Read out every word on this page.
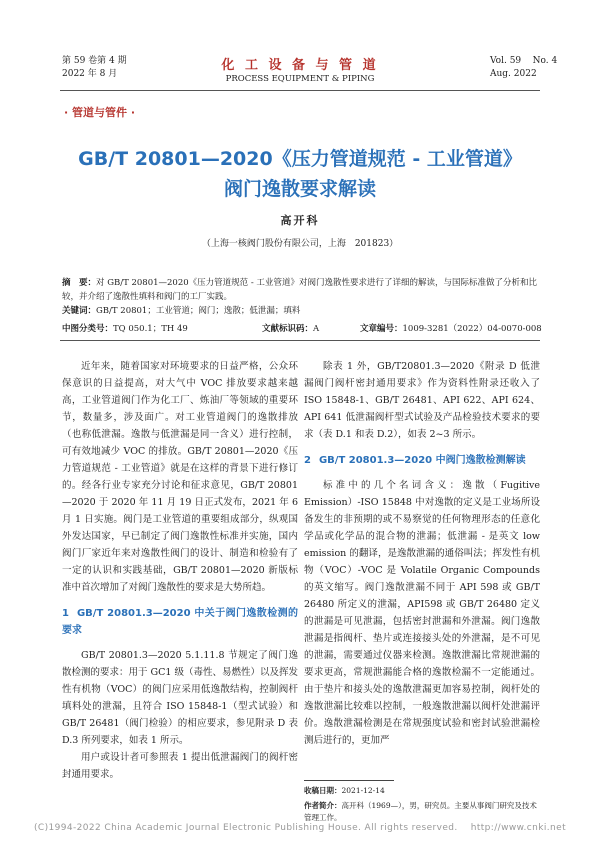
第 59 卷第 4 期
2022 年 8 月
化 工 设 备 与 管 道
PROCESS EQUIPMENT & PIPING
Vol. 59    No. 4
Aug. 2022
· 管道与管件 ·
GB/T 20801—2020《压力管道规范 - 工业管道》
阀门逸散要求解读
高开科
（上海一核阀门股份有限公司，上海　201823）
摘　要：对 GB/T 20801—2020《压力管道规范 - 工业管道》对阀门逸散性要求进行了详细的解读，与国际标准做了分析和比较，并介绍了逸散性填料和阀门的工厂实践。
关键词：GB/T 20801；工业管道；阀门；逸散；低泄漏；填料
中图分类号：TQ 050.1；TH 49	文献标识码：A	文章编号：1009-3281（2022）04-0070-008

近年来，随着国家对环境要求的日益严格，公众环保意识的日益提高，对大气中 VOC 排放要求越来越高，工业管道阀门作为化工厂、炼油厂等领域的重要环节，数量多，涉及面广。对工业管道阀门的逸散排放（也称低泄漏。逸散与低泄漏是同一含义）进行控制，可有效地减少 VOC 的排放。GB/T 20801—2020《压力管道规范 - 工业管道》就是在这样的背景下进行修订的。经各行业专家充分讨论和征求意见，GB/T 20801—2020 于 2020 年 11 月 19 日正式发布，2021 年 6 月 1 日实施。阀门是工业管道的重要组成部分，纵观国外发达国家，早已制定了阀门逸散性标准并实施，国内阀门厂家近年来对逸散性阀门的设计、制造和检验有了一定的认识和实践基础，GB/T 20801—2020 新版标准中首次增加了对阀门逸散性的要求是大势所趋。

1 GB/T 20801.3—2020 中关于阀门逸散检测的要求

GB/T 20801.3—2020 5.1.11.8 节规定了阀门逸散检测的要求：用于 GC1 级（毒性、易燃性）以及挥发性有机物（VOC）的阀门应采用低逸散结构，控制阀杆填料处的泄漏，且符合 ISO 15848-1（型式试验）和 GB/T 26481（阀门检验）的相应要求，参见附录 D 表 D.3 所列要求，如表 1 所示。

用户或设计者可参照表 1 提出低泄漏阀门的阀杆密封通用要求。

除表 1 外，GB/T20801.3—2020《附录 D 低泄漏阀门阀杆密封通用要求》作为资料性附录还收入了 ISO 15848-1、GB/T 26481、API 622、API 624、API 641 低泄漏阀杆型式试验及产品检验技术要求的要求（表 D.1 和表 D.2），如表 2~3 所示。

2 GB/T 20801.3—2020 中阀门逸散检测解读

标准中的几个名词含义：逸散（Fugitive Emission）-ISO 15848 中对逸散的定义是工业场所设备发生的非预期的或不易察觉的任何物理形态的任意化学品或化学品的混合物的泄漏；低泄漏 - 是英文 low emission 的翻译，是逸散泄漏的通俗叫法；挥发性有机物（VOC）-VOC 是 Volatile Organic Compounds 的英文缩写。阀门逸散泄漏不同于 API 598 或 GB/T 26480 所定义的泄漏，API598 或 GB/T 26480 定义的泄漏是可见泄漏，包括密封泄漏和外泄漏。阀门逸散泄漏是指阀杆、垫片或连接接头处的外泄漏，是不可见的泄漏，需要通过仪器来检测。逸散泄漏比常规泄漏的要求更高，常规泄漏能合格的逸散检漏不一定能通过。由于垫片和接头处的逸散泄漏更加容易控制，阀杆处的逸散泄漏比较难以控制，一般逸散泄漏以阀杆处泄漏评价。逸散泄漏检测是在常规强度试验和密封试验泄漏检测后进行的，更加严

收稿日期：2021-12-14
作者简介：高开科（1969—），男，研究员。主要从事阀门研究及技术管理工作。
(C)1994-2022 China Academic Journal Electronic Publishing House. All rights reserved.    http://www.cnki.net
